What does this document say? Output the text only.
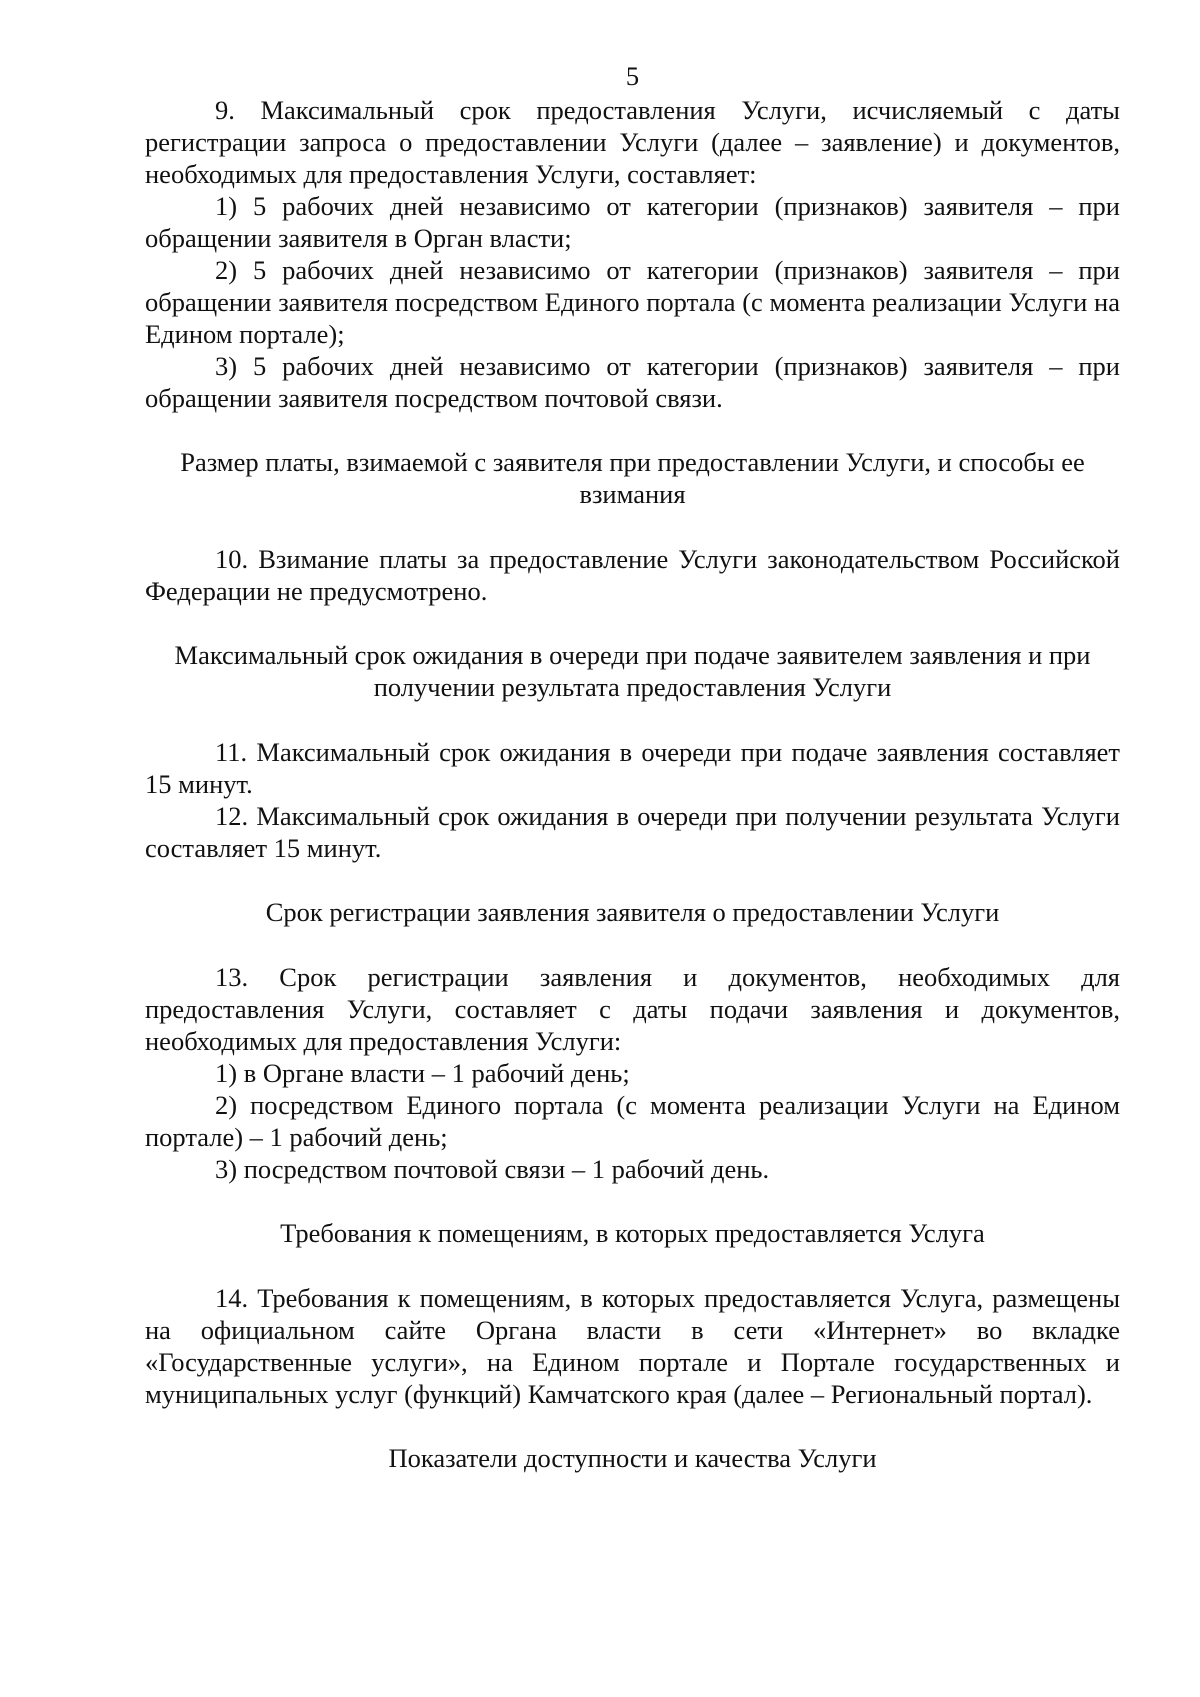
5

9. Максимальный срок предоставления Услуги, исчисляемый с даты регистрации запроса о предоставлении Услуги (далее – заявление) и документов, необходимых для предоставления Услуги, составляет:

1) 5 рабочих дней независимо от категории (признаков) заявителя – при обращении заявителя в Орган власти;

2) 5 рабочих дней независимо от категории (признаков) заявителя – при обращении заявителя посредством Единого портала (с момента реализации Услуги на Едином портале);

3) 5 рабочих дней независимо от категории (признаков) заявителя – при обращении заявителя посредством почтовой связи.

Размер платы, взимаемой с заявителя при предоставлении Услуги, и способы ее взимания

10. Взимание платы за предоставление Услуги законодательством Российской Федерации не предусмотрено.

Максимальный срок ожидания в очереди при подаче заявителем заявления и при получении результата предоставления Услуги

11. Максимальный срок ожидания в очереди при подаче заявления составляет 15 минут.

12. Максимальный срок ожидания в очереди при получении результата Услуги составляет 15 минут.

Срок регистрации заявления заявителя о предоставлении Услуги

13. Срок регистрации заявления и документов, необходимых для предоставления Услуги, составляет с даты подачи заявления и документов, необходимых для предоставления Услуги:

1) в Органе власти – 1 рабочий день;

2) посредством Единого портала (с момента реализации Услуги на Едином портале) – 1 рабочий день;

3) посредством почтовой связи – 1 рабочий день.

Требования к помещениям, в которых предоставляется Услуга

14. Требования к помещениям, в которых предоставляется Услуга, размещены на официальном сайте Органа власти в сети «Интернет» во вкладке «Государственные услуги», на Едином портале и Портале государственных и муниципальных услуг (функций) Камчатского края (далее – Региональный портал).

Показатели доступности и качества Услуги
